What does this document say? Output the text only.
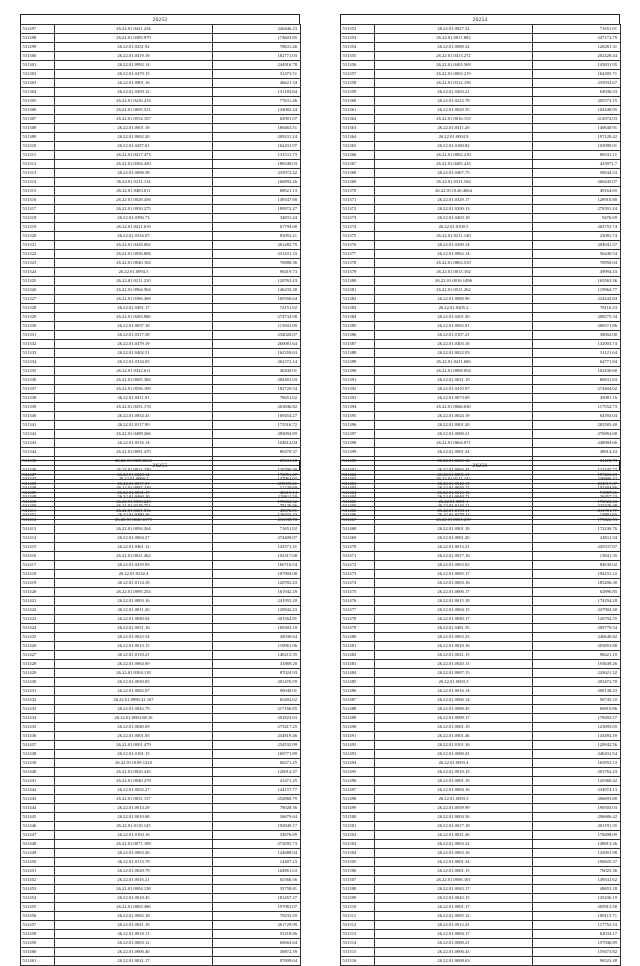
26253
531297	26.22.01.0421.234	226446.23
531298	26.22.01.0385.979	174603.85
531299	26.22.01.0231.92	78631.46
531300	26.22.01.0419.18	182771.03
531301	26.22.01.0992.14	244916.78
531302	26.22.01.0470.13	31473.51
531303	26.22.01.0901.16	46621.34
531304	26.22.01.0459.12	131183.64
531305	26.22.01.0230.233	77631.46
531306	26.22.01.0695.521	134082.44
531307	26.22.01.0554.107	62901.07
531308	26.22.01.0601.18	186463.51
531309	26.22.01.0002.20	209231.24
531310	26.22.01.0457.61	162431.97
531311	26.22.01.0417.473	131511.73
531312	26.22.01.0304.420	188349.03
531313	26.22.01.0096.58	233972.42
531314	26.22.01.0211.114	166892.26
531315	26.22.01.0483.011	68921.13
531316	26.22.01.0028.456	149347.68
531317	26.22.01.0950.275	189972.27
531318	26.22.01.0396.73	34831.44
531319	26.22.01.0411.619	67794.68
531320	26.22.01.0316.07	83952.21
531321	26.22.01.0428.062	261282.79
531322	26.22.01.0036.806	231431.33
531323	26.22.01.0040.184	76888.36
531324	26.22.01.0094.5	96419.73
531325	26.22.01.0211.210	120763.43
531326	26.22.01.0964.564	146233.38
531327	26.22.01.0306.468	169356.64
531328	26.22.01.0491.17	74151.92
531329	26.22.01.0283.886	274734.98
531330	26.22.01.0037.18	113941.09
531331	26.22.01.0317.58	234020.07
531332	26.22.01.0479.19	260081.64
531333	26.22.01.0402.51	162359.63
531334	26.22.01.0334.03	262372.14
531335	26.22.01.0322.611	40430.01
531336	26.22.01.0005.384	284491.03
531337	26.22.01.0556.109	182720.54
531338	26.22.01.0411.91	76651.92
531339	26.22.01.0451.176	263846.82
531340	26.22.01.0834.43	169454.27
531341	26.22.01.0117.99	173516.72
531342	26.22.01.0408.266	283094.89
531343	26.22.01.0516.14	104612.04
531344	26.22.01.0091.470	80470.37
531345	26.22.01.0305.0662	25041.60
531346	26.22.01.0022.250	120790.38
531347	26.22.01.0069.1	147061.07
531348	26.22.01.0091.249	12220.69
531349	26.22.01.0460.10	119811.59
531350	26.22.01.0328.751	78126.56
531351	26.22.01.0490.16	120455.43
26254
531352	26.22.01.0027.32	71651.01
531353	26.22.01.0811.882	247172.79
531354	26.22.01.0080.32	126281.31
531355	26.22.01.0413.272	202428.44
531356	26.22.01.0465.569	145831.95
531357	26.22.01.0063.219	162305.71
531358	26.22.01.0312.156	235932.67
531359	26.22.01.0263.21	64936.53
531360	26.22.01.0223.78	205573.15
531361	26.22.01.0020.35	104448.95
531362	26.22.01.0016.153	214972.03
531363	26.22.01.0411.20	140640.91
531364	26.22.01.0004.9	197128.42
531365	26.22.01.0160.82	103999.01
531366	26.22.01.0062.210	86531.11
531367	26.22.01.0405.225	423972.7
531368	26.22.01.0467.75	58044.53
531369	26.22.01.0311.164	266445.07
531370	26.22.01.0126.4664	49164.65
531371	26.22.01.0329.17	128910.80
531372	26.22.01.0200.13	278391.44
531373	26.22.01.0403.18	9476.69
531374	26.22.01.0100.5	263753.74
531375	26.22.01.0211.140	23081.74
531376	26.22.01.0200.14	204941.37
531377	26.22.01.0062.14	56440.54
531378	26.22.01.0863.510	70950.04
531379	26.22.01.0013.162	49994.43
531380	26.22.01.0016.1496	163563.36
531381	26.22.01.0521.262	119964.77
531382	26.22.01.0080.96	224442.84
531383	26.22.01.0205.2	78116.23
531384	26.22.01.0201.30	208275.34
531385	26.22.01.0002.91	206571.86
531386	26.22.01.0107.21	38002.00
531387	26.22.01.0403.16	132003.74
531388	26.22.01.0022.93	31121.64
531389	26.22.01.0411.606	64771.84
531390	26.22.01.0008.054	102430.68
531391	26.22.01.0021.19	60631.63
531392	26.22.01.0410.97	274404.02
531393	26.22.01.0073.69	45081.16
531394	26.22.01.0066.630	117552.73
531395	26.22.01.0024.19	64393.04
531396	26.22.01.0001.20	282585.40
531397	26.22.01.0000.21	276963.68
531398	26.22.01.0664.071	248904.66
531399	26.22.01.0001.34	48914.43
531400	26.22.01.0202.12	31472.73
531401	26.22.01.0063.44	122445.77
531402	26.22.01.0121.142	246906.42
531403	26.22.01.0020.71	103304.86
531404	26.22.01.0040.71	26357.23
531405	26.22.01.0110.21	225426.48
531406	26.22.01.0270.11	13891.65
26255
531407	26.22.01.0418.14	172951.47
531408	26.22.01.0017.67	258699.41
531409	26.22.01.0031.17	40419.14
531410	26.22.01.0000.225	199402.32
531411	26.22.01.0301.816	48676.91
531412	26.22.01.0020.0175	216538.78
531413	26.22.01.0094.264	71651.92
531414	26.22.01.0004.27	274409.07
531415	26.22.01.0461.12	143571.31
531416	26.22.01.0021.462	102317.68
531417	26.22.01.0419.93	160716.54
531418	26.22.01.0232.4	107904.08
531419	26.22.01.0114.18	120782.43
531420	26.22.01.0095.254	161942.29
531421	26.22.01.0003.16	241955.20
531422	26.22.01.0011.26	120942.43
531423	26.22.01.0040.04	201564.81
531424	26.22.01.0051.16	169303.18
531425	26.22.01.0023.54	45030.64
531426	26.22.01.0013.15	110961.06
531427	26.22.01.0110.21	146215.35
531428	26.22.01.0064.69	41869.28
531429	26.22.01.0304.118	87024.93
531430	26.22.01.0030.83	201470.59
531431	26.22.01.0002.07	90040.01
531432	26.22.01.0090.41.167	65402.62
531433	26.22.01.0042.79	217166.85
531434	26.22.01.0063.68.16	201823.63
531435	26.22.01.0040.09	275417.25
531436	26.22.01.0001.05	234819.46
531437	26.22.01.0001.479	254533.99
531438	26.22.01.0101.13	169771.89
531439	26.22.01.0109.1410	66471.25
531440	26.22.01.0020.416	120014.37
531441	26.22.01.0040.278	41471.25
531442	26.22.01.0032.27	144157.77
531443	26.22.01.0031.137	252868.79
531444	26.22.01.0014.29	78028.36
531445	26.22.01.0010.68	36679.64
531446	26.22.01.0110.145	192849.17
531447	26.22.01.0104.16	54876.69
531448	26.22.01.0071.189	272695.73
531449	26.22.01.0003.26	124688.04
531450	26.22.01.0113.78	14407.23
531451	26.22.01.0020.79	164861.63
531452	26.22.01.0016.21	65366.56
531453	26.22.01.0004.128	35758.81
531454	26.22.01.0010.45	181457.37
531455	26.22.01.0005.486	197081.07
531456	26.22.01.0002.18	70233.59
531457	26.22.01.0041.19	261729.99
531458	26.22.01.0010.11	55218.86
531459	26.22.01.0003.12	60663.64
531460	26.22.01.0006.40	36872.39
531461	26.22.01.0021.17	87699.64
26256
531462	26.22.01.0001.11	197203.23
531463	26.22.01.0042.13	234917.37
531464	26.22.01.0216.16	71887.65
531465	26.22.01.0001.1	176522.33
531466	26.22.01.0103.11	211701.77
531467	26.22.01.0063.219	179422.13
531468	26.22.01.0001.18	172236.76
531469	26.22.01.0001.20	24811.34
531470	26.22.01.0013.21	245537.67
531471	26.22.01.0017.16	13841.35
531472	26.22.01.0003.63	84630.02
531473	26.22.01.0005.17	194231.22
531474	26.22.01.0003.16	185206.30
531475	26.22.01.0006.17	62896.85
531476	26.22.01.0015.18	174294.28
531477	26.22.01.0004.13	247904.30
531478	26.22.01.0040.17	120794.55
531479	26.22.01.0481.35	209779.54
531480	26.22.01.0003.25	246640.82
531481	26.22.01.0010.16	203853.88
531482	26.22.01.0021.15	98421.10
531483	26.22.01.0020.13	193649.26
531484	26.22.01.0007.15	243621.32
531485	26.22.01.0003.3	203472.70
531486	26.22.01.0016.14	200138.43
531487	26.22.01.0006.14	56745.10
531488	26.22.01.0080.45	60810.86
531489	26.22.01.0009.17	178493.57
531490	26.22.01.0001.19	123695.65
531491	26.22.01.0001.46	143494.39
531492	26.22.01.0101.16	120942.56
531493	26.22.01.0000.41	246431.54
531494	26.22.01.0003.4	163955.13
531495	26.22.01.0010.15	201762.43
531496	26.22.01.0001.19	120360.42
531497	26.22.01.0004.16	234974.13
531498	26.22.01.0003.5	206693.80
531499	26.22.01.0039.99	190503.03
531500	26.22.01.0004.56	296686.42
531501	26.22.01.0017.18	201191.35
531502	26.22.01.0021.26	178498.09
531503	26.22.01.0003.32	148813.36
531504	26.22.01.0003.16	125001.98
531505	26.22.01.0001.34	106825.37
531506	26.22.01.0001.15	76025.36
531507	26.22.01.0006.101	149541.62
531508	26.22.01.0043.17	48653.28
531509	26.22.01.0042.15	125436.19
531510	26.22.01.0001.17	205913.58
531511	26.22.01.0005.12	188115.71
531512	26.22.01.0012.41	117752.33
531513	26.22.01.0004.17	62034.17
531514	26.22.01.0000.21	157946.89
531515	26.22.01.0006.43	159473.82
531516	26.22.01.0008.63	96523.48
